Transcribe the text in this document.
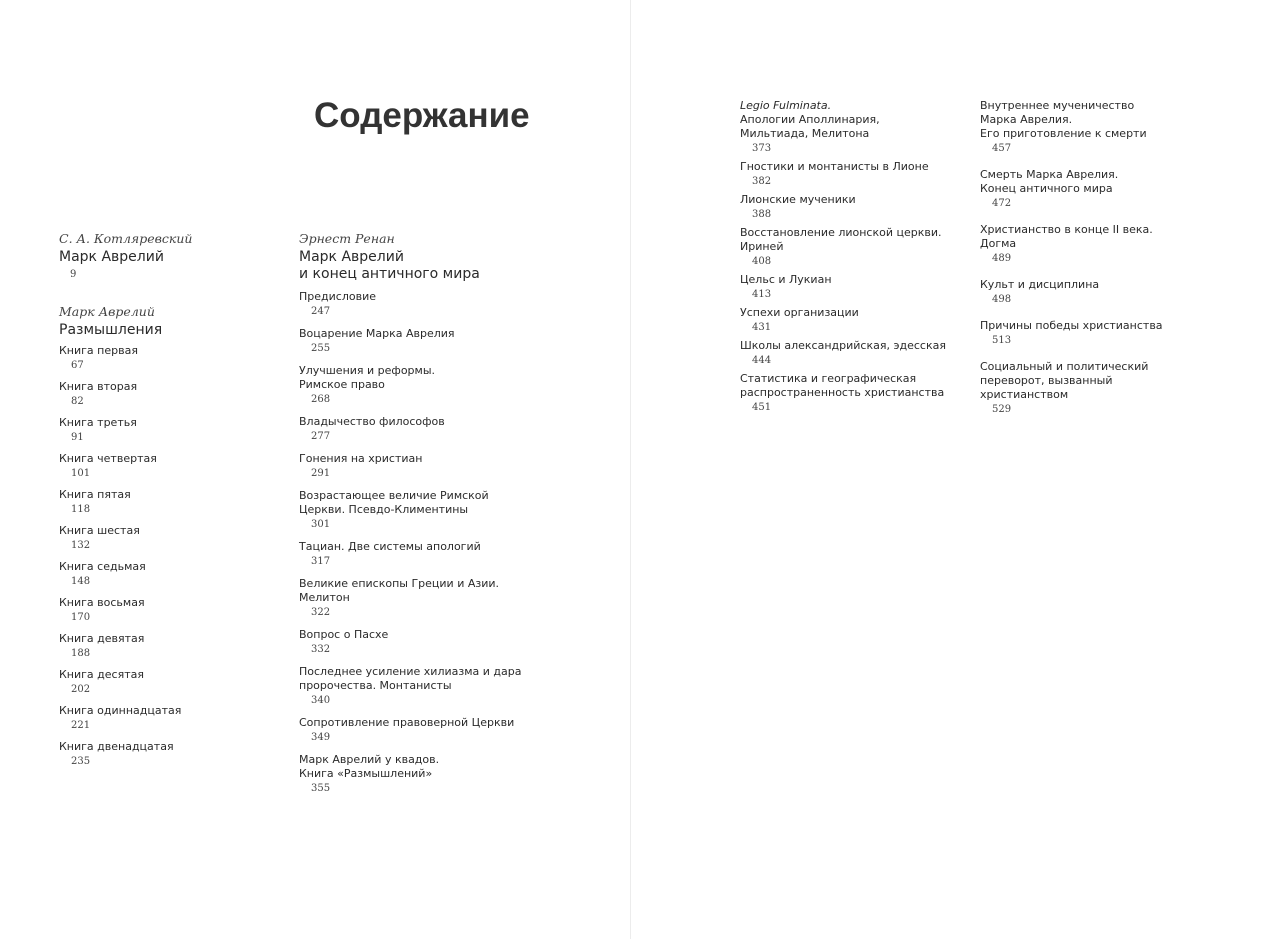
Содержание

С. А. Котляревский

Марк Аврелий

9

Марк Аврелий

Размышления

Книга первая
67
Книга вторая
82
Книга третья
91
Книга четвертая
101
Книга пятая
118
Книга шестая
132
Книга седьмая
148
Книга восьмая
170
Книга девятая
188
Книга десятая
202
Книга одиннадцатая
221
Книга двенадцатая
235

Эрнест Ренан

Марк Аврелий
и конец античного мира

Предисловие
247
Воцарение Марка Аврелия
255
Улучшения и реформы.
Римское право
268
Владычество философов
277
Гонения на христиан
291
Возрастающее величие Римской
Церкви. Псевдо-Климентины
301
Тациан. Две системы апологий
317
Великие епископы Греции и Азии.
Мелитон
322
Вопрос о Пасхе
332
Последнее усиление хилиазма и дара
пророчества. Монтанисты
340
Сопротивление правоверной Церкви
349
Марк Аврелий у квадов.
Книга «Размышлений»
355
Legio Fulminata.
Апологии Аполлинария,
Мильтиада, Мелитона
373
Гностики и монтанисты в Лионе
382
Лионские мученики
388
Восстановление лионской церкви.
Ириней
408
Цельс и Лукиан
413
Успехи организации
431
Школы александрийская, эдесская
444
Статистика и географическая
распространенность христианства
451
Внутреннее мученичество
Марка Аврелия.
Его приготовление к смерти
457
Смерть Марка Аврелия.
Конец античного мира
472
Христианство в конце II века.
Догма
489
Культ и дисциплина
498
Причины победы христианства
513
Социальный и политический
переворот, вызванный
христианством
529
